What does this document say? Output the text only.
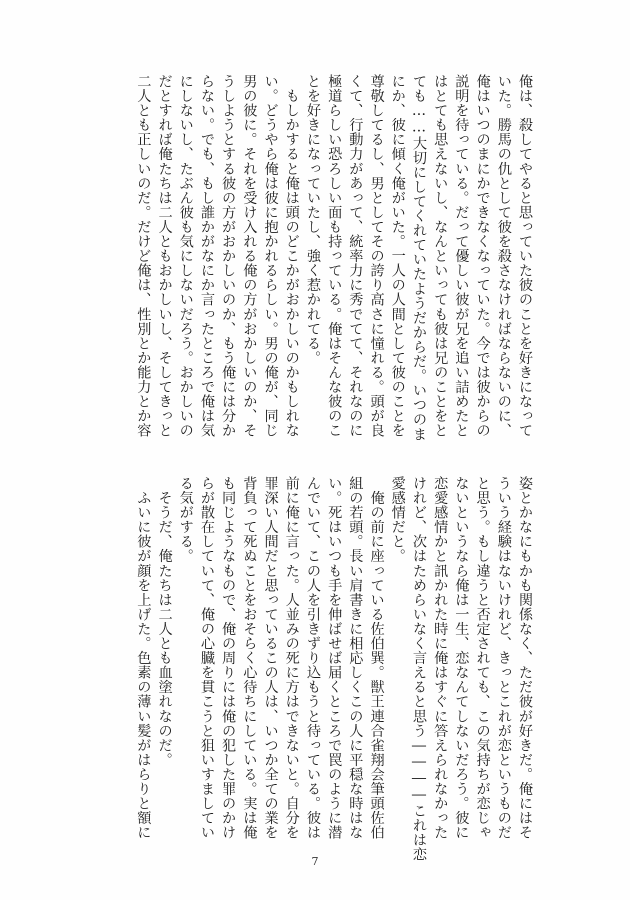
俺は、殺してやると思っていた彼のことを好きになって
いた。勝馬の仇として彼を殺さなければならないのに、
俺はいつのまにかできなくなっていた。今では彼からの
説明を待っている。だって優しい彼が兄を追い詰めたと
はとても思えないし、なんといっても彼は兄のことをと
ても……大切にしてくれていたようだからだ。いつのま
にか、彼に傾く俺がいた。一人の人間として彼のことを
尊敬してるし、男としてその誇り高さに憧れる。頭が良
くて、行動力があって、統率力に秀でてて、それなのに
極道らしい恐ろしい面も持っている。俺はそんな彼のこ
とを好きになっていたし、強く惹かれてる。
　もしかすると俺は頭のどこかがおかしいのかもしれな
い。どうやら俺は彼に抱かれるらしい。男の俺が、同じ
男の彼に。それを受け入れる俺の方がおかしいのか、そ
うしようとする彼の方がおかしいのか、もう俺には分か
らない。でも、もし誰かがなにか言ったところで俺は気
にしないし、たぶん彼も気にしないだろう。おかしいの
だとすれば俺たちは二人ともおかしいし、そしてきっと
二人とも正しいのだ。だけど俺は、性別とか能力とか容
姿とかなにもかも関係なく、ただ彼が好きだ。俺にはそ
ういう経験はないけれど、きっとこれが恋というものだ
と思う。もし違うと否定されても、この気持ちが恋じゃ
ないというなら俺は一生、恋なんてしないだろう。彼に
恋愛感情かと訊かれた時に俺はすぐに答えられなかった
けれど、次はためらいなく言えると思う――――これは恋
愛感情だと。
　俺の前に座っている佐伯巽。獣王連合雀翔会筆頭佐伯
組の若頭。長い肩書きに相応しくこの人に平穏な時はな
い。死はいつも手を伸ばせば届くところで罠のように潜
んでいて、この人を引きずり込もうと待っている。彼は
前に俺に言った。人並みの死に方はできないと。自分を
罪深い人間だと思っているこの人は、いつか全ての業を
背負って死ぬことをおそらく心待ちにしている。実は俺
も同じようなもので、俺の周りには俺の犯した罪のかけ
らが散在していて、俺の心臓を貫こうと狙いすましてい
る気がする。
　そうだ、俺たちは二人とも血塗れなのだ。
　ふいに彼が顔を上げた。色素の薄い髪がはらりと額に
7
